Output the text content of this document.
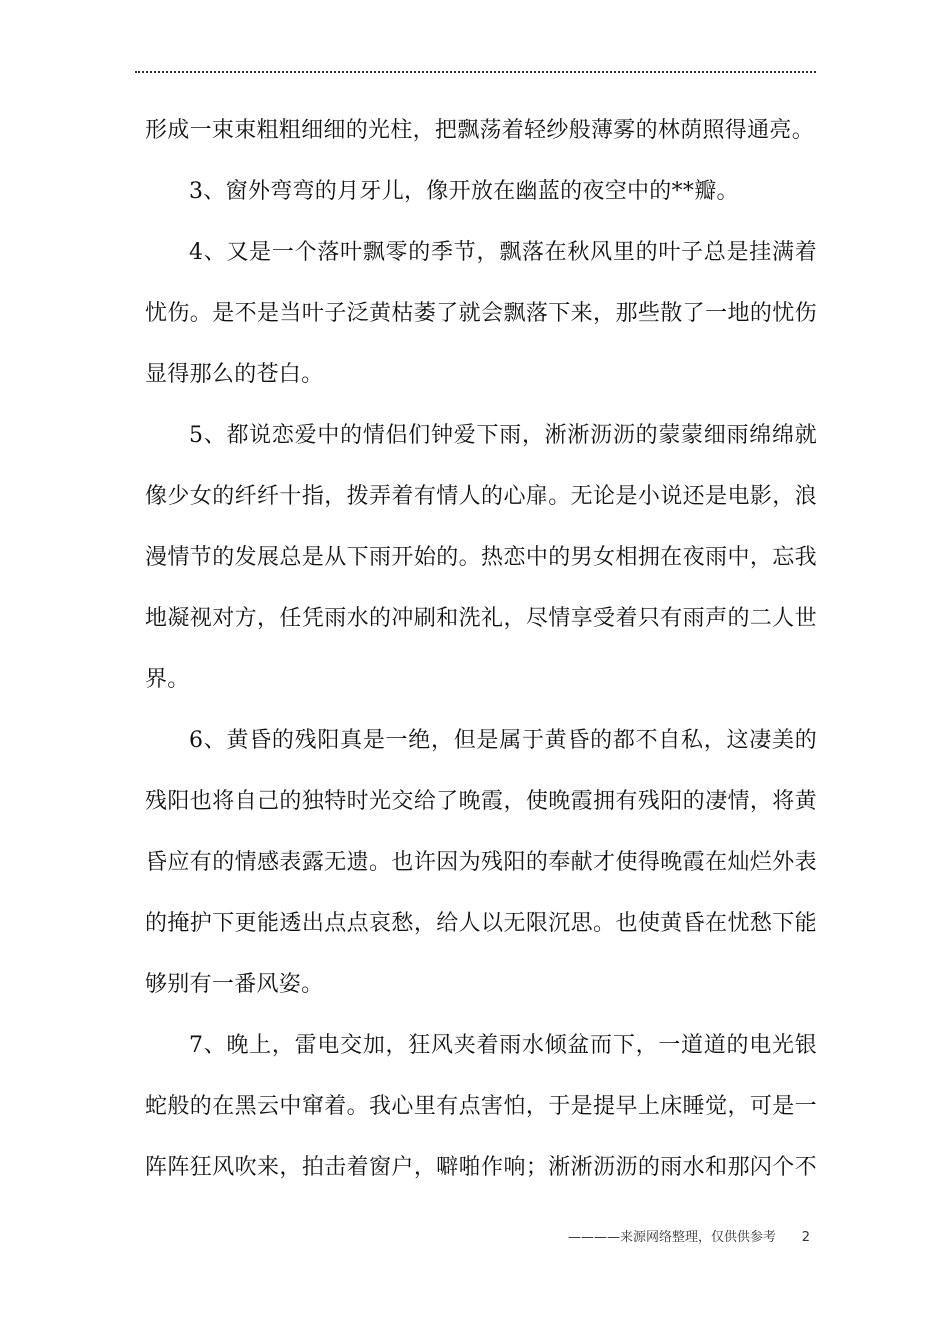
形成一束束粗粗细细的光柱，把飘荡着轻纱般薄雾的林荫照得通亮。
3、窗外弯弯的月牙儿，像开放在幽蓝的夜空中的**瓣。
4、又是一个落叶飘零的季节，飘落在秋风里的叶子总是挂满着
忧伤。是不是当叶子泛黄枯萎了就会飘落下来，那些散了一地的忧伤
显得那么的苍白。
5、都说恋爱中的情侣们钟爱下雨，淅淅沥沥的蒙蒙细雨绵绵就
像少女的纤纤十指，拨弄着有情人的心扉。无论是小说还是电影，浪
漫情节的发展总是从下雨开始的。热恋中的男女相拥在夜雨中，忘我
地凝视对方，任凭雨水的冲刷和洗礼，尽情享受着只有雨声的二人世
界。
6、黄昏的残阳真是一绝，但是属于黄昏的都不自私，这凄美的
残阳也将自己的独特时光交给了晚霞，使晚霞拥有残阳的凄情，将黄
昏应有的情感表露无遗。也许因为残阳的奉献才使得晚霞在灿烂外表
的掩护下更能透出点点哀愁，给人以无限沉思。也使黄昏在忧愁下能
够别有一番风姿。
7、晚上，雷电交加，狂风夹着雨水倾盆而下，一道道的电光银
蛇般的在黑云中窜着。我心里有点害怕，于是提早上床睡觉，可是一
阵阵狂风吹来，拍击着窗户，噼啪作响；淅淅沥沥的雨水和那闪个不
————来源网络整理，仅供供参考 2
